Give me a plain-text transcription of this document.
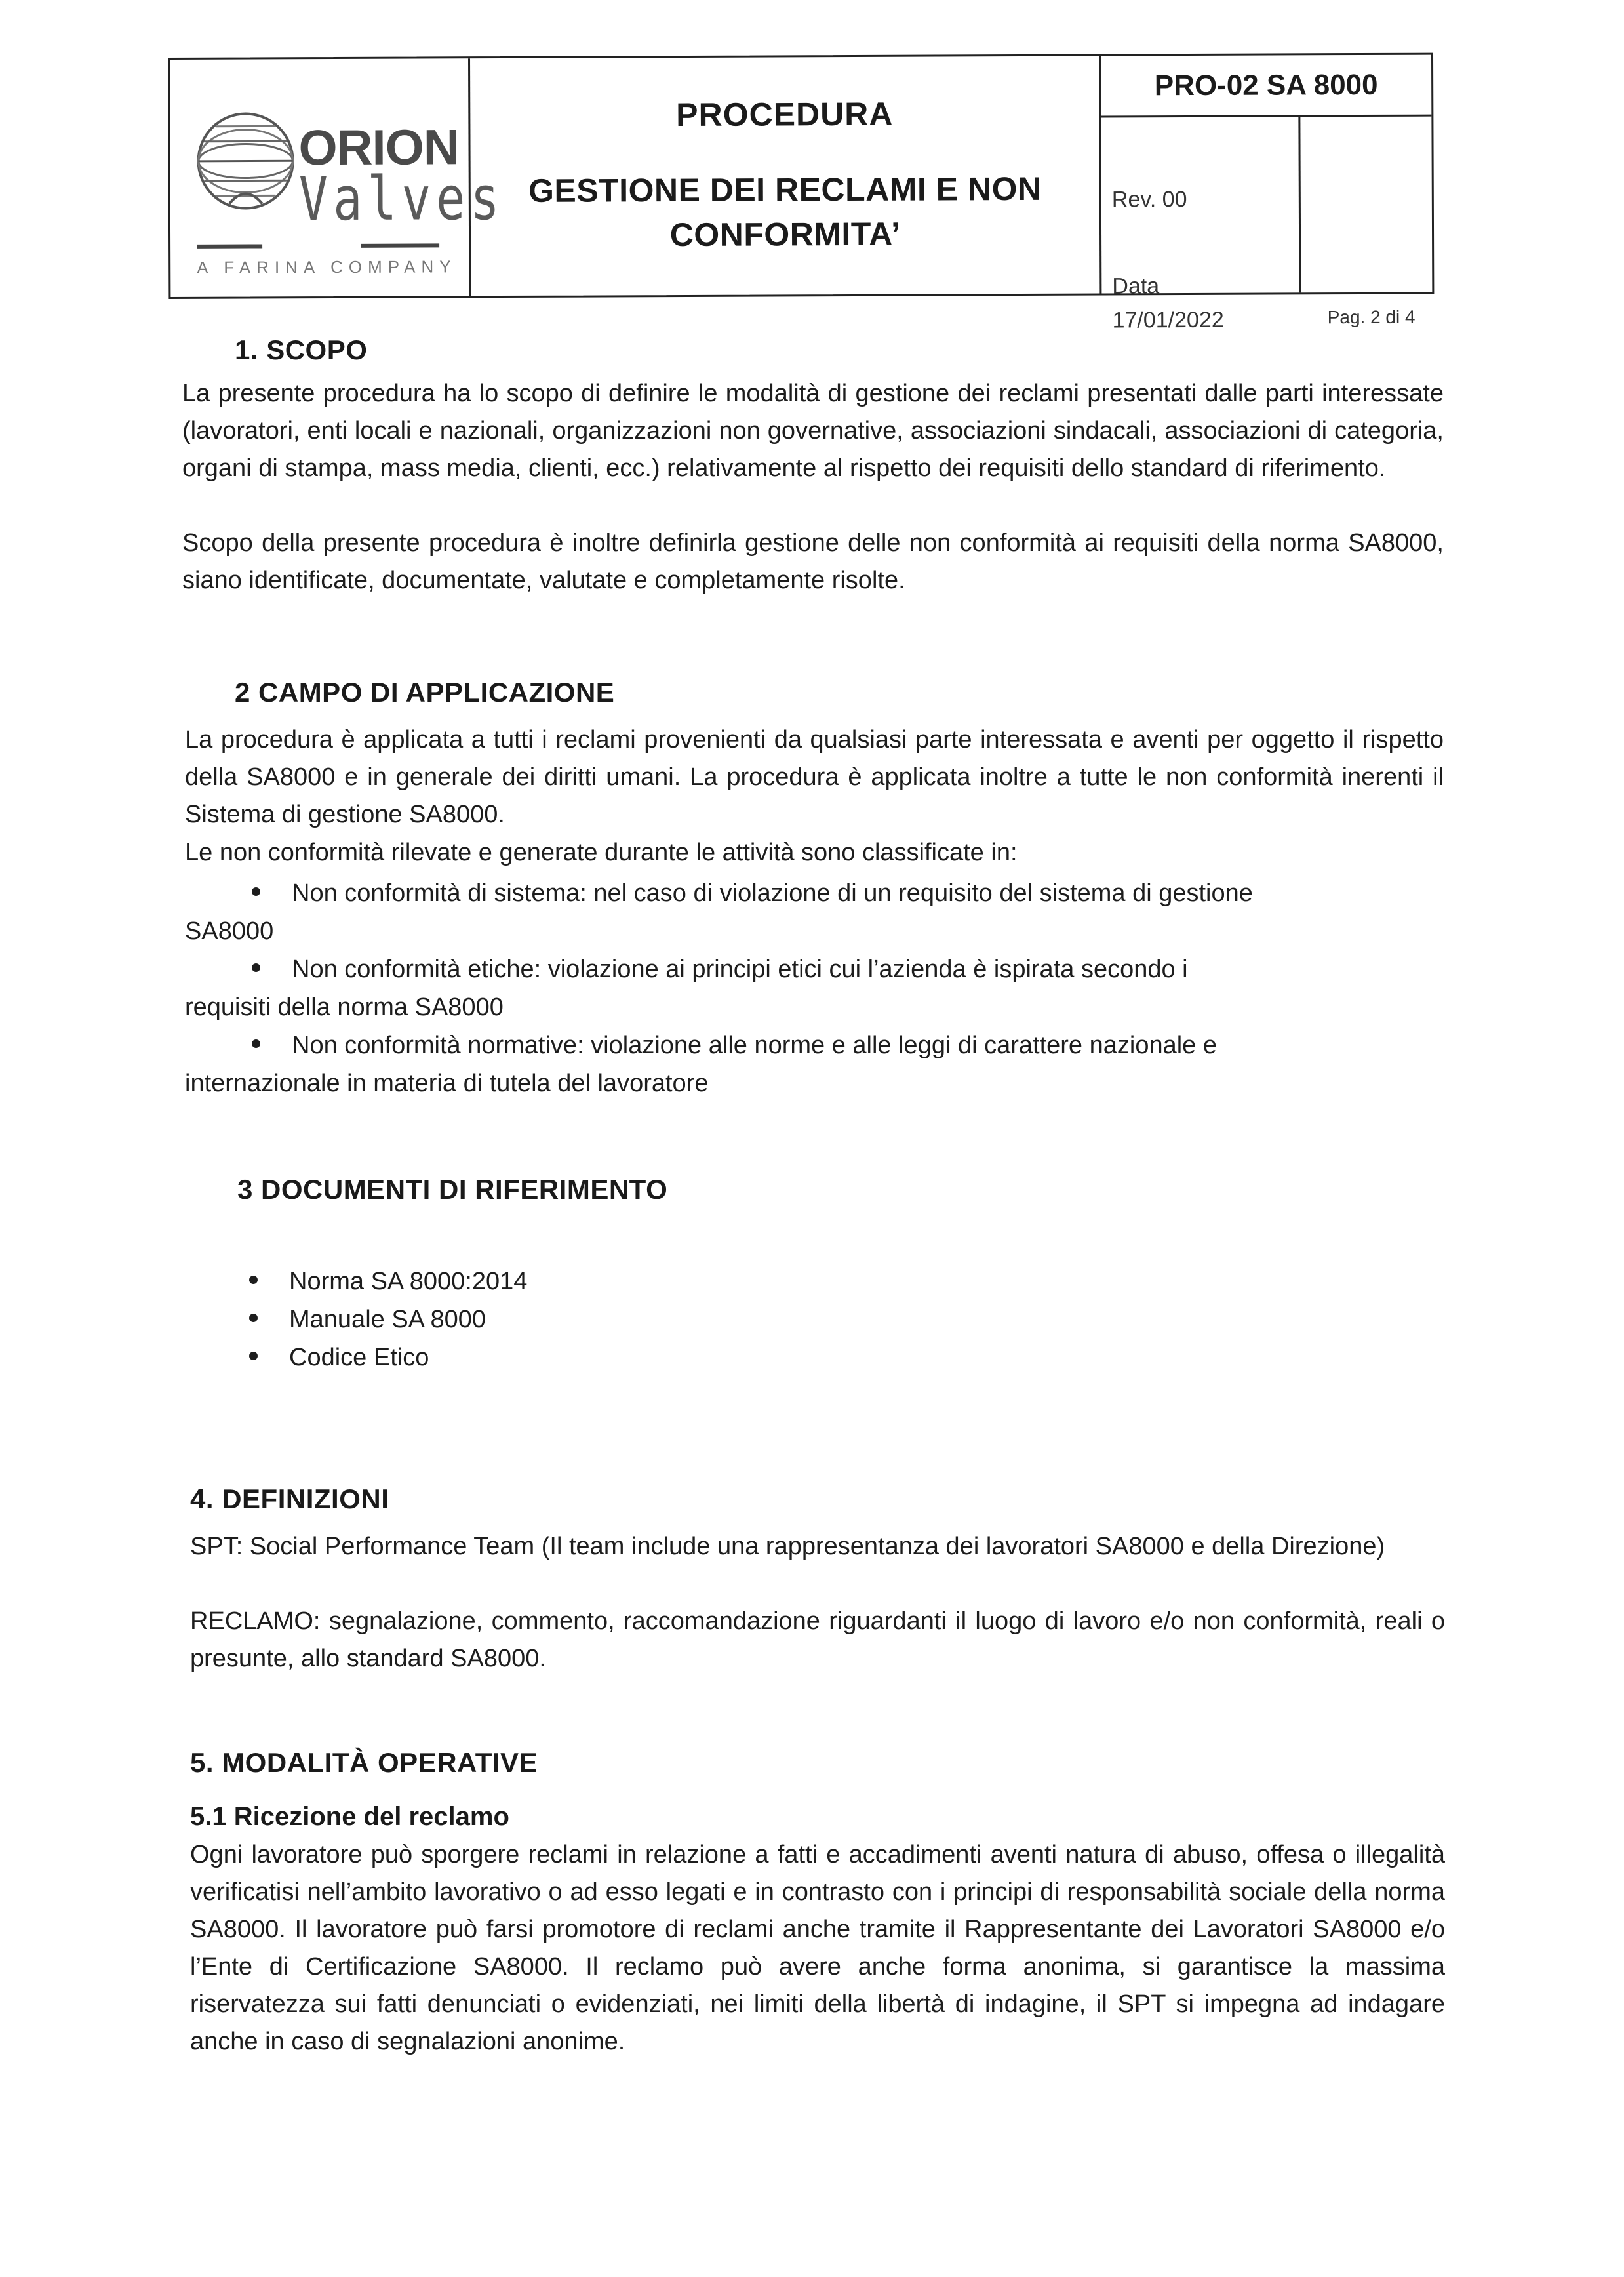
ORION
Valves
A FARINA COMPANY
PROCEDURA
GESTIONE DEI RECLAMI E NON
CONFORMITA’
PRO-02 SA 8000
Rev. 00
Data
17/01/2022	Pag. 2 di 4
1. SCOPO
La presente procedura ha lo scopo di definire le modalità di gestione dei reclami presentati dalle parti interessate (lavoratori, enti locali e nazionali, organizzazioni non governative, associazioni sindacali, associazioni di categoria, organi di stampa, mass media, clienti, ecc.) relativamente al rispetto dei requisiti dello standard di riferimento.
Scopo della presente procedura è inoltre definirla gestione delle non conformità ai requisiti della norma SA8000, siano identificate, documentate, valutate e completamente risolte.
2 CAMPO DI APPLICAZIONE
La procedura è applicata a tutti i reclami provenienti da qualsiasi parte interessata e aventi per oggetto il rispetto della SA8000 e in generale dei diritti umani. La procedura è applicata inoltre a tutte le non conformità inerenti il Sistema di gestione SA8000.
Le non conformità rilevate e generate durante le attività sono classificate in:
Non conformità di sistema: nel caso di violazione di un requisito del sistema di gestione
SA8000
Non conformità etiche: violazione ai principi etici cui l’azienda è ispirata secondo i
requisiti della norma SA8000
Non conformità normative: violazione alle norme e alle leggi di carattere nazionale e
internazionale in materia di tutela del lavoratore
3 DOCUMENTI DI RIFERIMENTO
Norma SA 8000:2014
Manuale SA 8000
Codice Etico
4. DEFINIZIONI
SPT: Social Performance Team (Il team include una rappresentanza dei lavoratori SA8000 e della Direzione)
RECLAMO: segnalazione, commento, raccomandazione riguardanti il luogo di lavoro e/o non conformità, reali o presunte, allo standard SA8000.
5. MODALITÀ OPERATIVE
5.1 Ricezione del reclamo
Ogni lavoratore può sporgere reclami in relazione a fatti e accadimenti aventi natura di abuso, offesa o illegalità verificatisi nell’ambito lavorativo o ad esso legati e in contrasto con i principi di responsabilità sociale della norma SA8000. Il lavoratore può farsi promotore di reclami anche tramite il Rappresentante dei Lavoratori SA8000 e/o l’Ente di Certificazione SA8000. Il reclamo può avere anche forma anonima, si garantisce la massima riservatezza sui fatti denunciati o evidenziati, nei limiti della libertà di indagine, il SPT si impegna ad indagare anche in caso di segnalazioni anonime.
